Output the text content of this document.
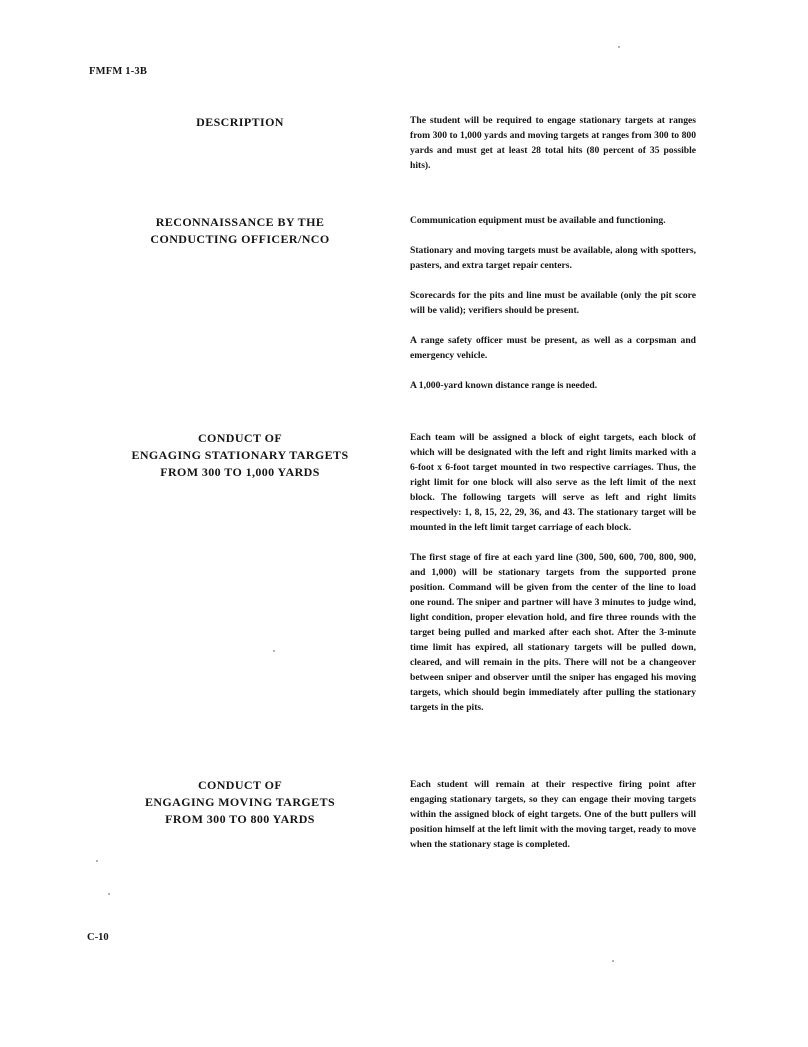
FMFM 1-3B
DESCRIPTION	The student will be required to engage stationary targets at ranges from 300 to 1,000 yards and moving targets at ranges from 300 to 800 yards and must get at least 28 total hits (80 percent of 35 possible hits).

RECONNAISSANCE BY THE
CONDUCTING OFFICER/NCO

Communication equipment must be available and functioning.

Stationary and moving targets must be available, along with spotters, pasters, and extra target repair centers.

Scorecards for the pits and line must be available (only the pit score will be valid); verifiers should be present.

A range safety officer must be present, as well as a corpsman and emergency vehicle.

A 1,000-yard known distance range is needed.

CONDUCT OF
ENGAGING STATIONARY TARGETS
FROM 300 TO 1,000 YARDS

Each team will be assigned a block of eight targets, each block of which will be designated with the left and right limits marked with a 6-foot x 6-foot target mounted in two respective carriages. Thus, the right limit for one block will also serve as the left limit of the next block. The following targets will serve as left and right limits respectively: 1, 8, 15, 22, 29, 36, and 43. The stationary target will be mounted in the left limit target carriage of each block.

The first stage of fire at each yard line (300, 500, 600, 700, 800, 900, and 1,000) will be stationary targets from the supported prone position. Command will be given from the center of the line to load one round. The sniper and partner will have 3 minutes to judge wind, light condition, proper elevation hold, and fire three rounds with the target being pulled and marked after each shot. After the 3-minute time limit has expired, all stationary targets will be pulled down, cleared, and will remain in the pits. There will not be a changeover between sniper and observer until the sniper has engaged his moving targets, which should begin immediately after pulling the stationary targets in the pits.

CONDUCT OF
ENGAGING MOVING TARGETS
FROM 300 TO 800 YARDS

Each student will remain at their respective firing point after engaging stationary targets, so they can engage their moving targets within the assigned block of eight targets. One of the butt pullers will position himself at the left limit with the moving target, ready to move when the stationary stage is completed.

C-10
